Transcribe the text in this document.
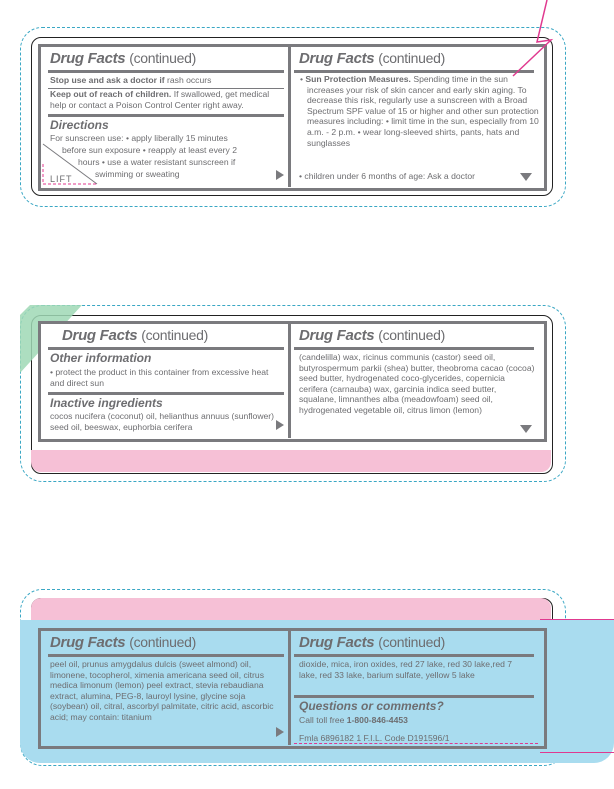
Drug Facts (continued)
Stop use and ask a doctor if rash occurs
Keep out of reach of children. If swallowed, get medical help or contact a Poison Control Center right away.
Directions
For sunscreen use: • apply liberally 15 minutes
before sun exposure • reapply at least every 2
hours • use a water resistant sunscreen if
swimming or sweating
LIFT
Drug Facts (continued)
• Sun Protection Measures. Spending time in the sun increases your risk of skin cancer and early skin aging. To decrease this risk, regularly use a sunscreen with a Broad Spectrum SPF value of 15 or higher and other sun protection measures including: • limit time in the sun, especially from 10 a.m. - 2 p.m. • wear long-sleeved shirts, pants, hats and sunglasses
• children under 6 months of age: Ask a doctor
Drug Facts (continued)
Other information
• protect the product in this container from excessive heat and direct sun
Inactive ingredients
cocos nucifera (coconut) oil, helianthus annuus (sunflower) seed oil, beeswax, euphorbia cerifera
Drug Facts (continued)
(candelilla) wax, ricinus communis (castor) seed oil, butyrospermum parkii (shea) butter, theobroma cacao (cocoa) seed butter, hydrogenated coco-glycerides, copernicia cerifera (carnauba) wax, garcinia indica seed butter, squalane, limnanthes alba (meadowfoam) seed oil, hydrogenated vegetable oil, citrus limon (lemon)
Drug Facts (continued)
peel oil, prunus amygdalus dulcis (sweet almond) oil, limonene, tocopherol, ximenia americana seed oil, citrus medica limonum (lemon) peel extract, stevia rebaudiana extract, alumina, PEG-8, lauroyl lysine, glycine soja (soybean) oil, citral, ascorbyl palmitate, citric acid, ascorbic acid; may contain: titanium
Drug Facts (continued)
dioxide, mica, iron oxides, red 27 lake, red 30 lake,red 7 lake, red 33 lake, barium sulfate, yellow 5 lake
Questions or comments?
Call toll free 1-800-846-4453
Fmla 6896182 1 F.I.L. Code D191596/1
